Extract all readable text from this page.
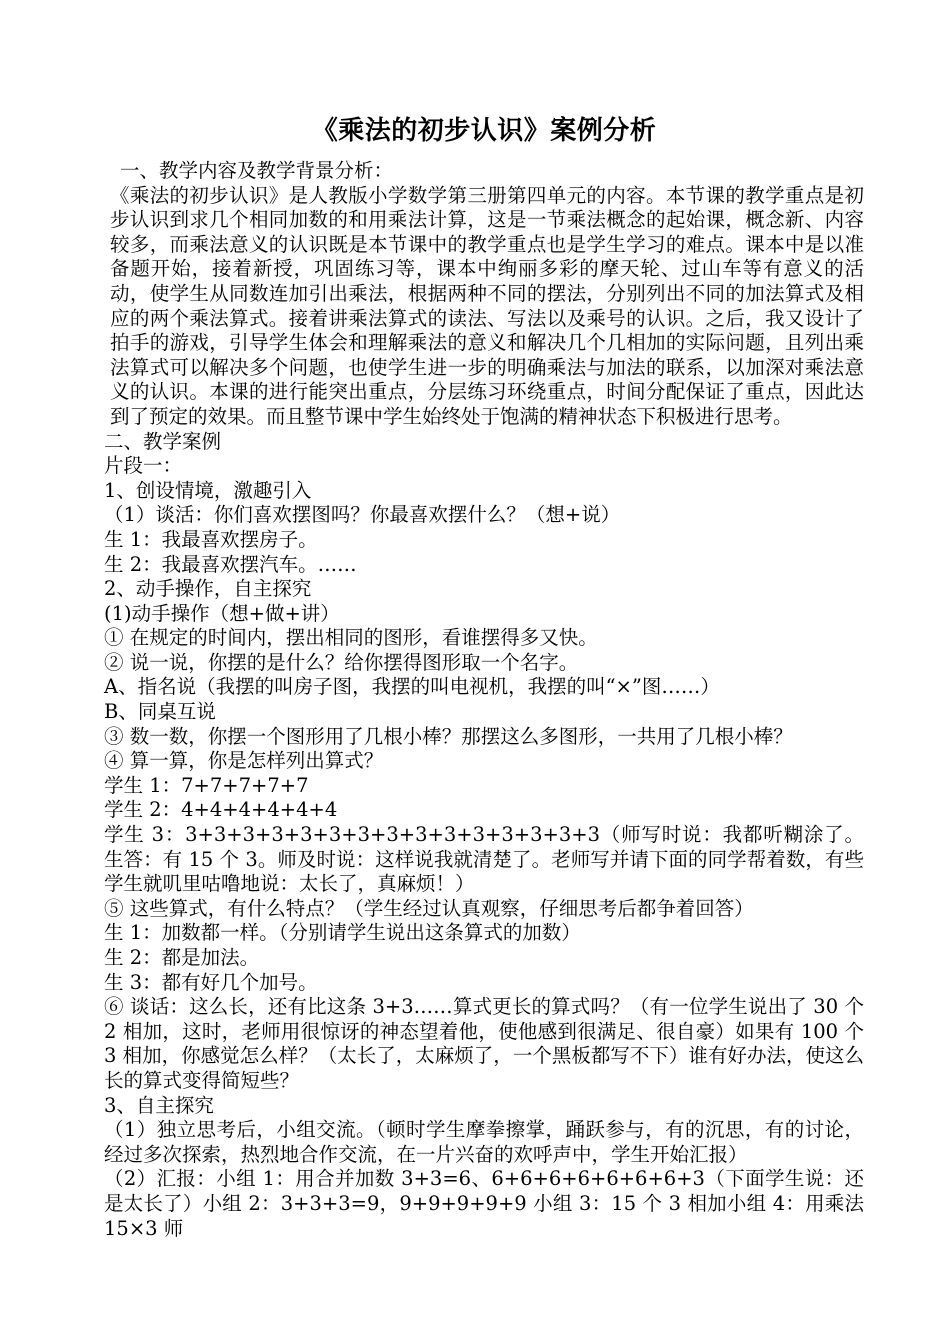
《乘法的初步认识》案例分析

一、教学内容及教学背景分析：

《乘法的初步认识》是人教版小学数学第三册第四单元的内容。本节课的教学重点是初步认识到求几个相同加数的和用乘法计算，这是一节乘法概念的起始课，概念新、内容较多，而乘法意义的认识既是本节课中的教学重点也是学生学习的难点。课本中是以准备题开始，接着新授，巩固练习等，课本中绚丽多彩的摩天轮、过山车等有意义的活动，使学生从同数连加引出乘法，根据两种不同的摆法，分别列出不同的加法算式及相应的两个乘法算式。接着讲乘法算式的读法、写法以及乘号的认识。之后，我又设计了拍手的游戏，引导学生体会和理解乘法的意义和解决几个几相加的实际问题，且列出乘法算式可以解决多个问题，也使学生进一步的明确乘法与加法的联系，以加深对乘法意义的认识。本课的进行能突出重点，分层练习环绕重点，时间分配保证了重点，因此达到了预定的效果。而且整节课中学生始终处于饱满的精神状态下积极进行思考。

二、教学案例

片段一：

1、创设情境，激趣引入

（1）谈活：你们喜欢摆图吗？你最喜欢摆什么？（想+说）

生 1：我最喜欢摆房子。

生 2：我最喜欢摆汽车。……

2、动手操作，自主探究

(1)动手操作（想+做+讲）

① 在规定的时间内，摆出相同的图形，看谁摆得多又快。

② 说一说，你摆的是什么？给你摆得图形取一个名字。

A、指名说（我摆的叫房子图，我摆的叫电视机，我摆的叫“×”图……）

B、同桌互说

③ 数一数，你摆一个图形用了几根小棒？那摆这么多图形，一共用了几根小棒？

④ 算一算，你是怎样列出算式？

学生 1：7+7+7+7+7

学生 2：4+4+4+4+4+4

学生 3：3+3+3+3+3+3+3+3+3+3+3+3+3+3+3（师写时说：我都听糊涂了。生答：有 15 个 3。师及时说：这样说我就清楚了。老师写并请下面的同学帮着数，有些学生就叽里咕噜地说：太长了，真麻烦！）

⑤ 这些算式，有什么特点？（学生经过认真观察，仔细思考后都争着回答）

生 1：加数都一样。（分别请学生说出这条算式的加数）

生 2：都是加法。

生 3：都有好几个加号。

⑥ 谈话：这么长，还有比这条 3+3……算式更长的算式吗？（有一位学生说出了 30 个 2 相加，这时，老师用很惊讶的神态望着他，使他感到很满足、很自豪）如果有 100 个 3 相加，你感觉怎么样？（太长了，太麻烦了，一个黑板都写不下）谁有好办法，使这么长的算式变得简短些？

3、自主探究

（1）独立思考后，小组交流。（顿时学生摩拳擦掌，踊跃参与，有的沉思，有的讨论，经过多次探索，热烈地合作交流，在一片兴奋的欢呼声中，学生开始汇报）

（2）汇报：小组 1：用合并加数 3+3=6、6+6+6+6+6+6+6+3（下面学生说：还是太长了）小组 2：3+3+3=9，9+9+9+9+9 小组 3：15 个 3 相加小组 4：用乘法 15×3 师
